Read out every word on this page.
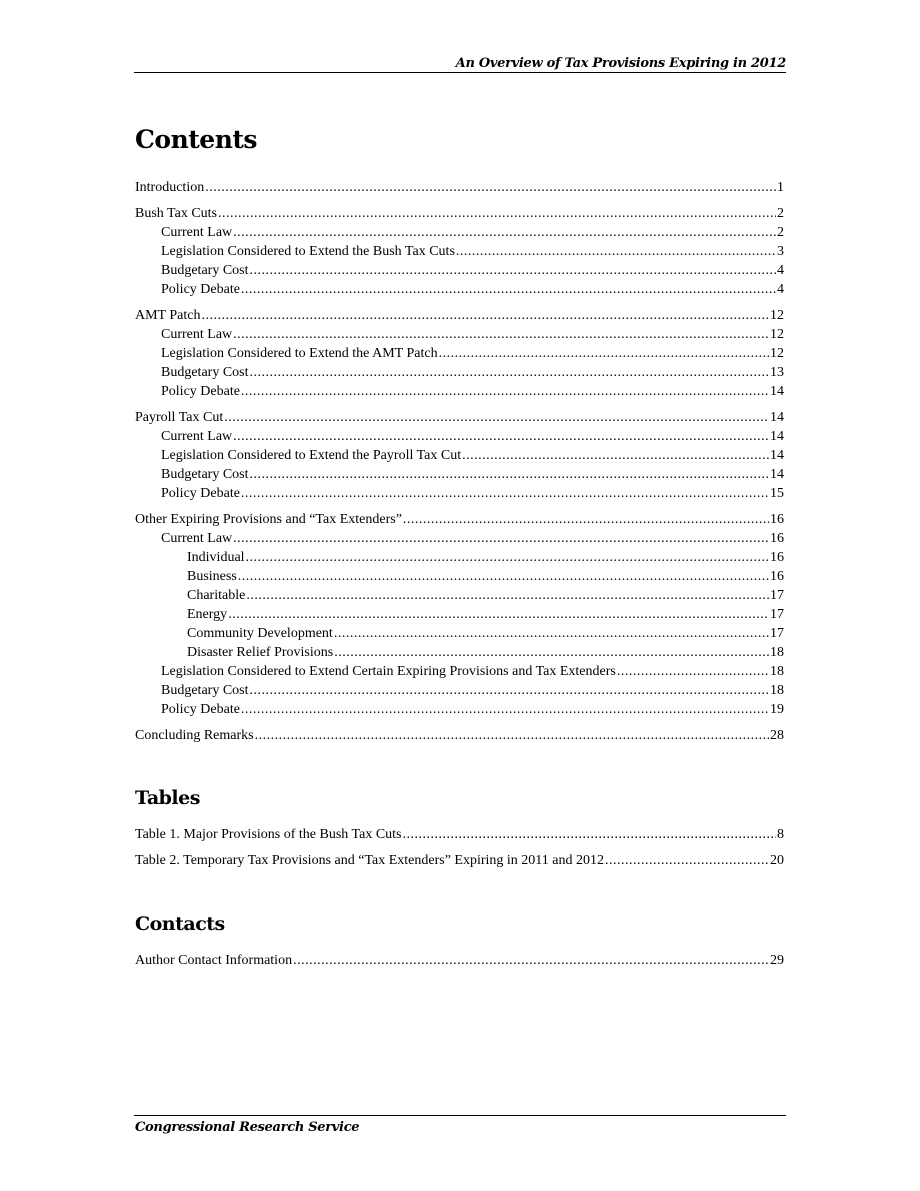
An Overview of Tax Provisions Expiring in 2012
Contents
Introduction .....	1
Bush Tax Cuts .....	2
Current Law .....	2
Legislation Considered to Extend the Bush Tax Cuts .....	3
Budgetary Cost .....	4
Policy Debate .....	4
AMT Patch .....	12
Current Law .....	12
Legislation Considered to Extend the AMT Patch .....	12
Budgetary Cost .....	13
Policy Debate .....	14
Payroll Tax Cut .....	14
Current Law .....	14
Legislation Considered to Extend the Payroll Tax Cut .....	14
Budgetary Cost .....	14
Policy Debate .....	15
Other Expiring Provisions and “Tax Extenders” .....	16
Current Law .....	16
Individual .....	16
Business .....	16
Charitable .....	17
Energy .....	17
Community Development .....	17
Disaster Relief Provisions .....	18
Legislation Considered to Extend Certain Expiring Provisions and Tax Extenders .....	18
Budgetary Cost .....	18
Policy Debate .....	19
Concluding Remarks .....	28
Tables
Table 1. Major Provisions of the Bush Tax Cuts .....	8
Table 2. Temporary Tax Provisions and “Tax Extenders” Expiring in 2011 and 2012 .....	20
Contacts
Author Contact Information .....	29
Congressional Research Service
